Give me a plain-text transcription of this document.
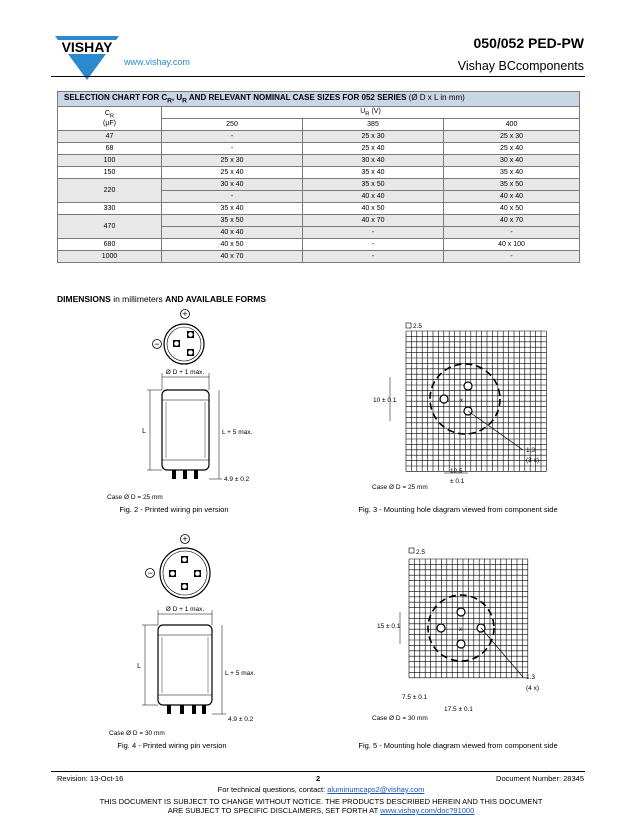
VISHAY
www.vishay.com
050/052 PED-PW
Vishay BCcomponents
SELECTION CHART FOR $C_R$, $U_R$ AND RELEVANT NOMINAL CASE SIZES FOR 052 SERIES (Ø D x L in mm)			
$C_R$
(µF)	$U_R$ (V)		
	250	385	400
47	-	25 x 30	25 x 30
68	-	25 x 40	25 x 40
100	25 x 30	30 x 40	30 x 40
150	25 x 40	35 x 40	35 x 40
220	30 x 40	35 x 50	35 x 50
	-	40 x 40	40 x 40
330	35 x 40	40 x 50	40 x 50
470	35 x 50	40 x 70	40 x 70
	40 x 40	-	-
680	40 x 50	-	40 x 100
1000	40 x 70	-	-
DIMENSIONS in millimeters AND AVAILABLE FORMS
+
−
Ø D + 1 max.
L	L + 5 max.
4.9 ± 0.2
Case Ø D = 25 mm
Fig. 2 - Printed wiring pin version
2.5
x
1.3
(3 x)
10 ± 0.1
12.5
± 0.1
Case Ø D = 25 mm
Fig. 3 - Mounting hole diagram viewed from component side
+
−
Ø D + 1 max.
L
L + 5 max.
4.9 ± 0.2
Case Ø D = 30 mm
Fig. 4 - Printed wiring pin version
2.5
x
1.3
(4 x)
15 ± 0.1
7.5 ± 0.1
17.5 ± 0.1
Case Ø D = 30 mm
Fig. 5 - Mounting hole diagram viewed from component side
Revision: 13-Oct-16	2	Document Number: 28345
For technical questions, contact: aluminumcaps2@vishay.com
THIS DOCUMENT IS SUBJECT TO CHANGE WITHOUT NOTICE. THE PRODUCTS DESCRIBED HEREIN AND THIS DOCUMENT
ARE SUBJECT TO SPECIFIC DISCLAIMERS, SET FORTH AT www.vishay.com/doc?91000
